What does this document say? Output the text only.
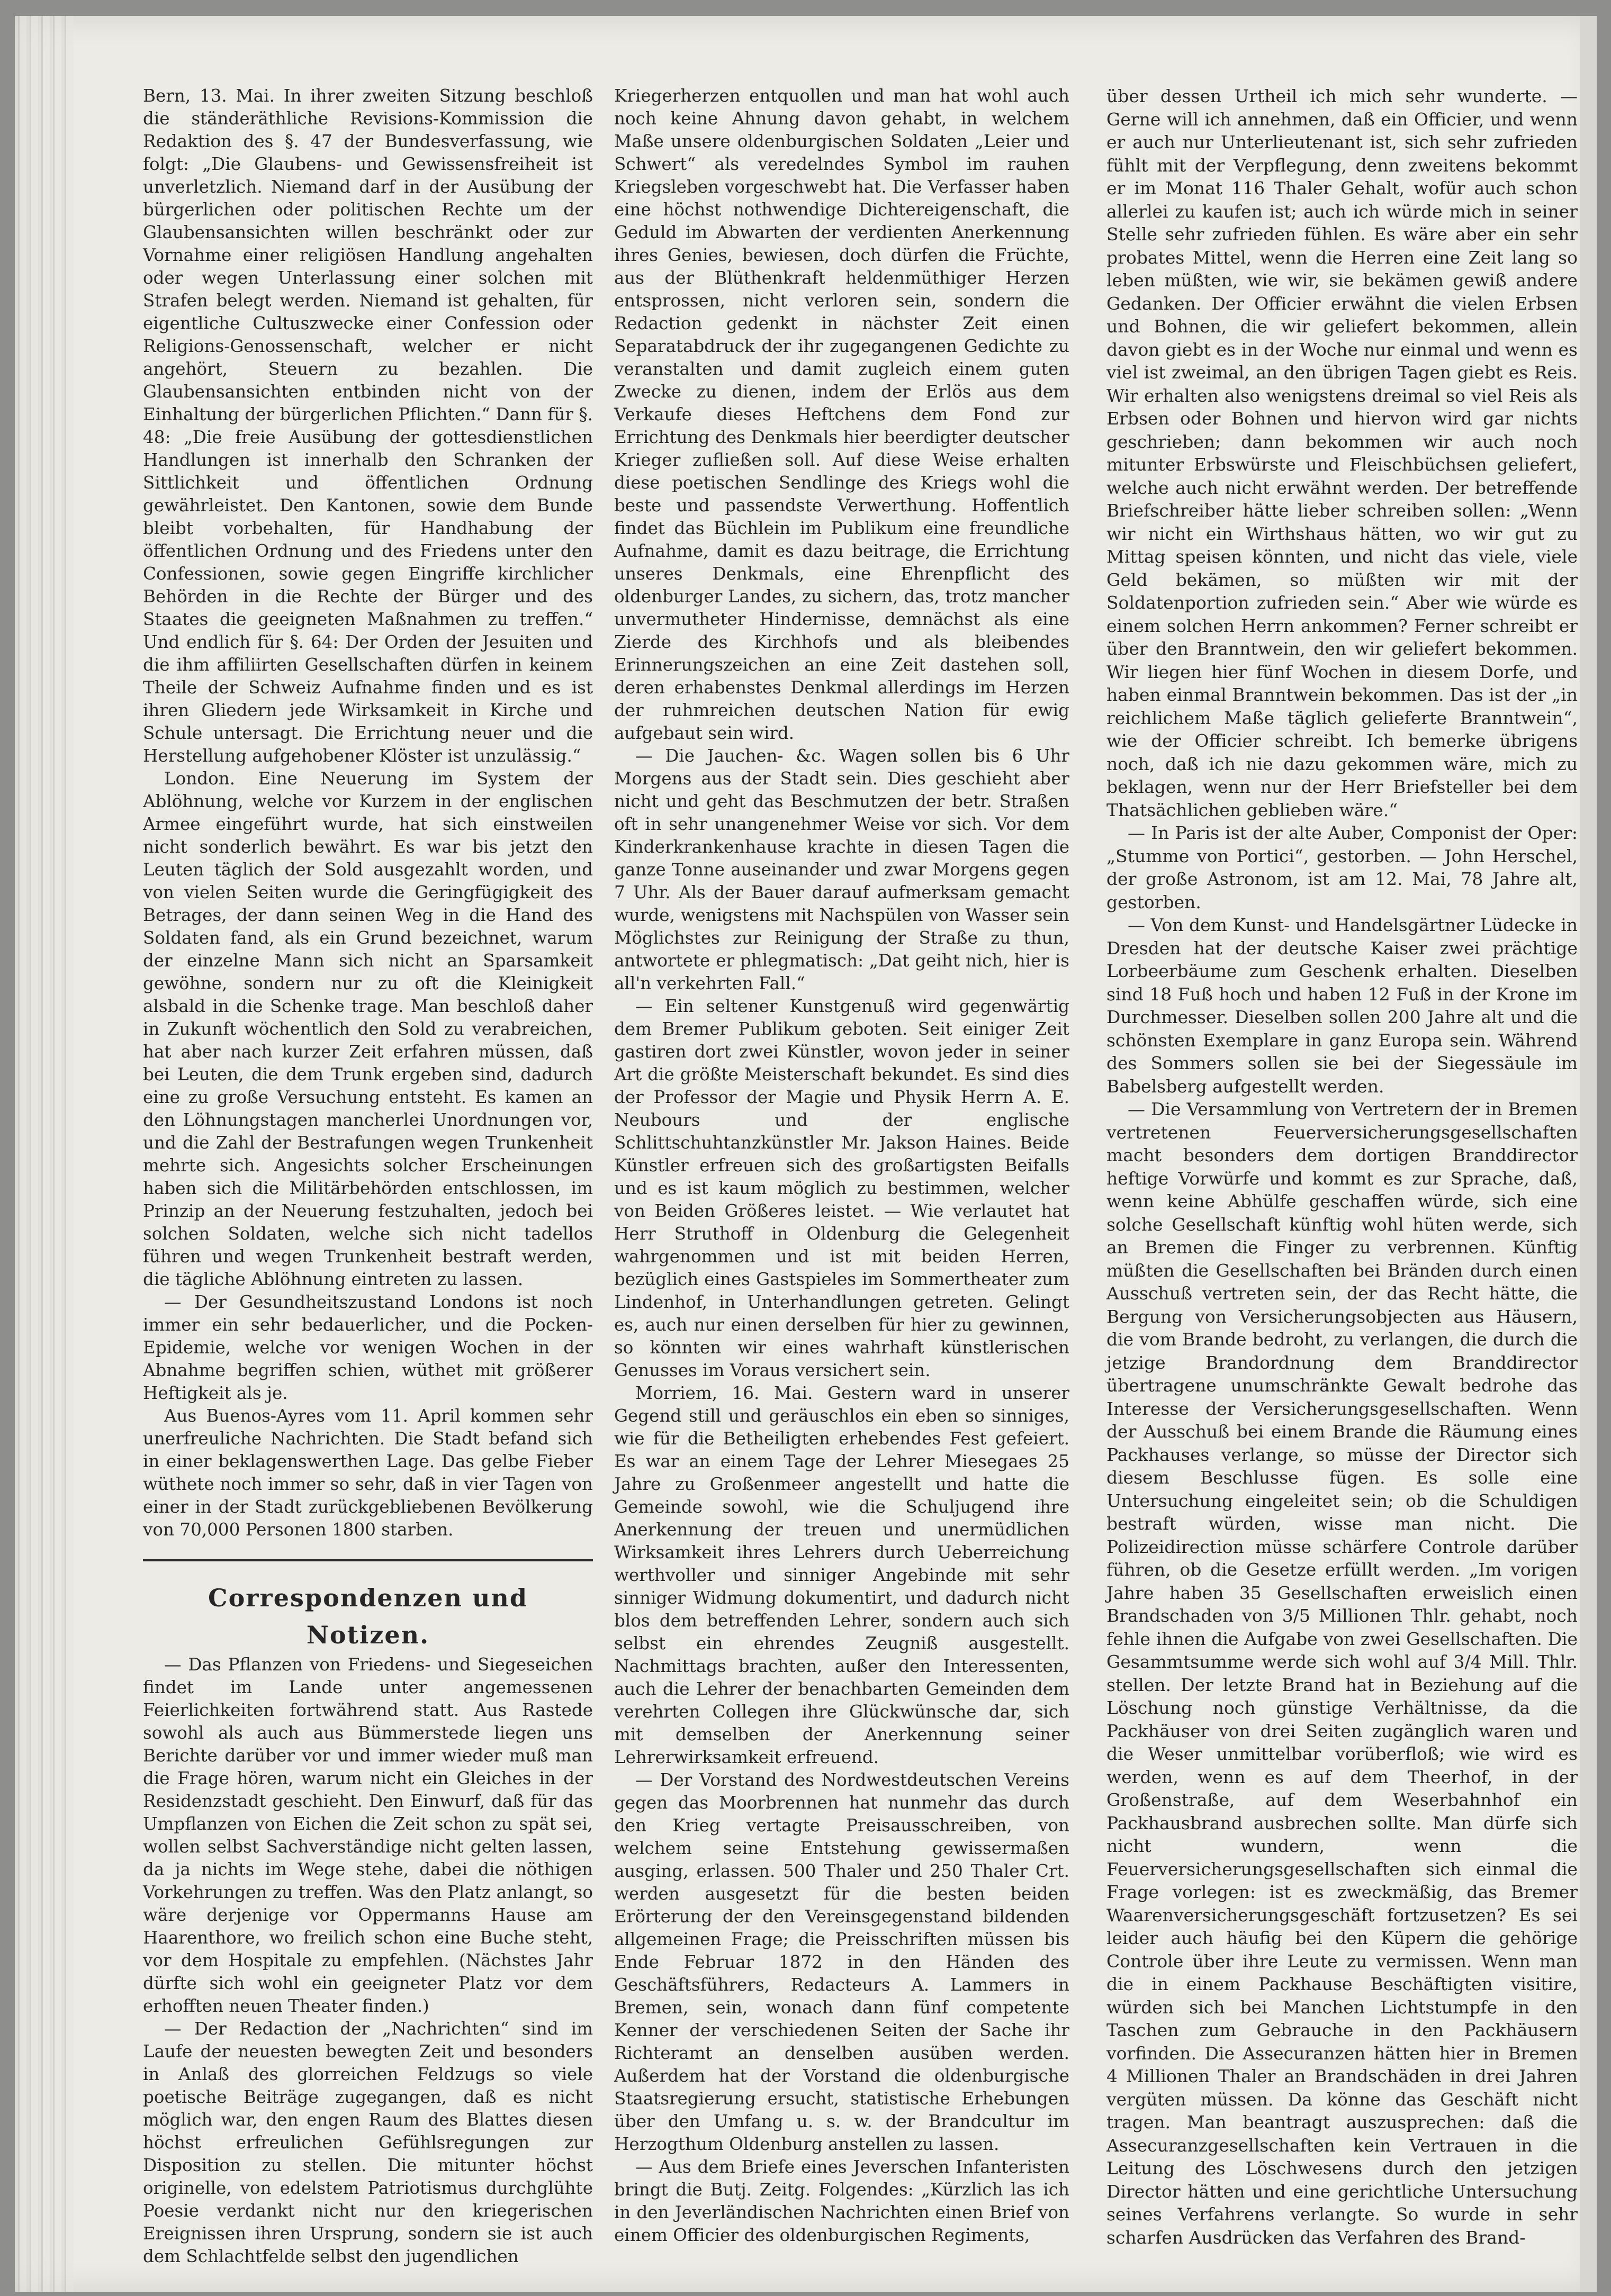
Bern, 13. Mai. In ihrer zweiten Sitzung beschloß die ständeräthliche Revisions-Kommission die Redaktion des §. 47 der Bundesverfassung, wie folgt: „Die Glaubens- und Gewissensfreiheit ist unverletzlich. Niemand darf in der Ausübung der bürgerlichen oder politischen Rechte um der Glaubensansichten willen beschränkt oder zur Vornahme einer religiösen Handlung angehalten oder wegen Unterlassung einer solchen mit Strafen belegt werden. Niemand ist gehalten, für eigentliche Cultuszwecke einer Confession oder Religions-Genossenschaft, welcher er nicht angehört, Steuern zu bezahlen. Die Glaubensansichten entbinden nicht von der Einhaltung der bürgerlichen Pflichten.“ Dann für §. 48: „Die freie Ausübung der gottesdienstlichen Handlungen ist innerhalb den Schranken der Sittlichkeit und öffentlichen Ordnung gewährleistet. Den Kantonen, sowie dem Bunde bleibt vorbehalten, für Handhabung der öffentlichen Ordnung und des Friedens unter den Confessionen, sowie gegen Eingriffe kirchlicher Behörden in die Rechte der Bürger und des Staates die geeigneten Maßnahmen zu treffen.“ Und endlich für §. 64: Der Orden der Jesuiten und die ihm affiliirten Gesellschaften dürfen in keinem Theile der Schweiz Aufnahme finden und es ist ihren Gliedern jede Wirksamkeit in Kirche und Schule untersagt. Die Errichtung neuer und die Herstellung aufgehobener Klöster ist unzulässig.“

London. Eine Neuerung im System der Ablöhnung, welche vor Kurzem in der englischen Armee eingeführt wurde, hat sich einstweilen nicht sonderlich bewährt. Es war bis jetzt den Leuten täglich der Sold ausgezahlt worden, und von vielen Seiten wurde die Geringfügigkeit des Betrages, der dann seinen Weg in die Hand des Soldaten fand, als ein Grund bezeichnet, warum der einzelne Mann sich nicht an Sparsamkeit gewöhne, sondern nur zu oft die Kleinigkeit alsbald in die Schenke trage. Man beschloß daher in Zukunft wöchentlich den Sold zu verabreichen, hat aber nach kurzer Zeit erfahren müssen, daß bei Leuten, die dem Trunk ergeben sind, dadurch eine zu große Versuchung entsteht. Es kamen an den Löhnungstagen mancherlei Unordnungen vor, und die Zahl der Bestrafungen wegen Trunkenheit mehrte sich. Angesichts solcher Erscheinungen haben sich die Militärbehörden entschlossen, im Prinzip an der Neuerung festzuhalten, jedoch bei solchen Soldaten, welche sich nicht tadellos führen und wegen Trunkenheit bestraft werden, die tägliche Ablöhnung eintreten zu lassen.

— Der Gesundheitszustand Londons ist noch immer ein sehr bedauerlicher, und die Pocken-Epidemie, welche vor wenigen Wochen in der Abnahme begriffen schien, wüthet mit größerer Heftigkeit als je.

Aus Buenos-Ayres vom 11. April kommen sehr unerfreuliche Nachrichten. Die Stadt befand sich in einer beklagenswerthen Lage. Das gelbe Fieber wüthete noch immer so sehr, daß in vier Tagen von einer in der Stadt zurückgebliebenen Bevölkerung von 70,000 Personen 1800 starben.

Correspondenzen und Notizen.

— Das Pflanzen von Friedens- und Siegeseichen findet im Lande unter angemessenen Feierlichkeiten fortwährend statt. Aus Rastede sowohl als auch aus Bümmerstede liegen uns Berichte darüber vor und immer wieder muß man die Frage hören, warum nicht ein Gleiches in der Residenzstadt geschieht. Den Einwurf, daß für das Umpflanzen von Eichen die Zeit schon zu spät sei, wollen selbst Sachverständige nicht gelten lassen, da ja nichts im Wege stehe, dabei die nöthigen Vorkehrungen zu treffen. Was den Platz anlangt, so wäre derjenige vor Oppermanns Hause am Haarenthore, wo freilich schon eine Buche steht, vor dem Hospitale zu empfehlen. (Nächstes Jahr dürfte sich wohl ein geeigneter Platz vor dem erhofften neuen Theater finden.)

— Der Redaction der „Nachrichten“ sind im Laufe der neuesten bewegten Zeit und besonders in Anlaß des glorreichen Feldzugs so viele poetische Beiträge zugegangen, daß es nicht möglich war, den engen Raum des Blattes diesen höchst erfreulichen Gefühlsregungen zur Disposition zu stellen. Die mitunter höchst originelle, von edelstem Patriotismus durchglühte Poesie verdankt nicht nur den kriegerischen Ereignissen ihren Ursprung, sondern sie ist auch dem Schlachtfelde selbst den jugendlichen

Kriegerherzen entquollen und man hat wohl auch noch keine Ahnung davon gehabt, in welchem Maße unsere oldenburgischen Soldaten „Leier und Schwert“ als veredelndes Symbol im rauhen Kriegsleben vorgeschwebt hat. Die Verfasser haben eine höchst nothwendige Dichtereigenschaft, die Geduld im Abwarten der verdienten Anerkennung ihres Genies, bewiesen, doch dürfen die Früchte, aus der Blüthenkraft heldenmüthiger Herzen entsprossen, nicht verloren sein, sondern die Redaction gedenkt in nächster Zeit einen Separatabdruck der ihr zugegangenen Gedichte zu veranstalten und damit zugleich einem guten Zwecke zu dienen, indem der Erlös aus dem Verkaufe dieses Heftchens dem Fond zur Errichtung des Denkmals hier beerdigter deutscher Krieger zufließen soll. Auf diese Weise erhalten diese poetischen Sendlinge des Kriegs wohl die beste und passendste Verwerthung. Hoffentlich findet das Büchlein im Publikum eine freundliche Aufnahme, damit es dazu beitrage, die Errichtung unseres Denkmals, eine Ehrenpflicht des oldenburger Landes, zu sichern, das, trotz mancher unvermutheter Hindernisse, demnächst als eine Zierde des Kirchhofs und als bleibendes Erinnerungszeichen an eine Zeit dastehen soll, deren erhabenstes Denkmal allerdings im Herzen der ruhmreichen deutschen Nation für ewig aufgebaut sein wird.

— Die Jauchen- &c. Wagen sollen bis 6 Uhr Morgens aus der Stadt sein. Dies geschieht aber nicht und geht das Beschmutzen der betr. Straßen oft in sehr unangenehmer Weise vor sich. Vor dem Kinderkrankenhause krachte in diesen Tagen die ganze Tonne auseinander und zwar Morgens gegen 7 Uhr. Als der Bauer darauf aufmerksam gemacht wurde, wenigstens mit Nachspülen von Wasser sein Möglichstes zur Reinigung der Straße zu thun, antwortete er phlegmatisch: „Dat geiht nich, hier is all'n verkehrten Fall.“

— Ein seltener Kunstgenuß wird gegenwärtig dem Bremer Publikum geboten. Seit einiger Zeit gastiren dort zwei Künstler, wovon jeder in seiner Art die größte Meisterschaft bekundet. Es sind dies der Professor der Magie und Physik Herrn A. E. Neubours und der englische Schlittschuhtanzkünstler Mr. Jakson Haines. Beide Künstler erfreuen sich des großartigsten Beifalls und es ist kaum möglich zu bestimmen, welcher von Beiden Größeres leistet. — Wie verlautet hat Herr Struthoff in Oldenburg die Gelegenheit wahrgenommen und ist mit beiden Herren, bezüglich eines Gastspieles im Sommertheater zum Lindenhof, in Unterhandlungen getreten. Gelingt es, auch nur einen derselben für hier zu gewinnen, so könnten wir eines wahrhaft künstlerischen Genusses im Voraus versichert sein.

Morriem, 16. Mai. Gestern ward in unserer Gegend still und geräuschlos ein eben so sinniges, wie für die Betheiligten erhebendes Fest gefeiert. Es war an einem Tage der Lehrer Miesegaes 25 Jahre zu Großenmeer angestellt und hatte die Gemeinde sowohl, wie die Schuljugend ihre Anerkennung der treuen und unermüdlichen Wirksamkeit ihres Lehrers durch Ueberreichung werthvoller und sinniger Angebinde mit sehr sinniger Widmung dokumentirt, und dadurch nicht blos dem betreffenden Lehrer, sondern auch sich selbst ein ehrendes Zeugniß ausgestellt. Nachmittags brachten, außer den Interessenten, auch die Lehrer der benachbarten Gemeinden dem verehrten Collegen ihre Glückwünsche dar, sich mit demselben der Anerkennung seiner Lehrerwirksamkeit erfreuend.

— Der Vorstand des Nordwestdeutschen Vereins gegen das Moorbrennen hat nunmehr das durch den Krieg vertagte Preisausschreiben, von welchem seine Entstehung gewissermaßen ausging, erlassen. 500 Thaler und 250 Thaler Crt. werden ausgesetzt für die besten beiden Erörterung der den Vereinsgegenstand bildenden allgemeinen Frage; die Preisschriften müssen bis Ende Februar 1872 in den Händen des Geschäftsführers, Redacteurs A. Lammers in Bremen, sein, wonach dann fünf competente Kenner der verschiedenen Seiten der Sache ihr Richteramt an denselben ausüben werden. Außerdem hat der Vorstand die oldenburgische Staatsregierung ersucht, statistische Erhebungen über den Umfang u. s. w. der Brandcultur im Herzogthum Oldenburg anstellen zu lassen.

— Aus dem Briefe eines Jeverschen Infanteristen bringt die Butj. Zeitg. Folgendes: „Kürzlich las ich in den Jeverländischen Nachrichten einen Brief von einem Officier des oldenburgischen Regiments,

über dessen Urtheil ich mich sehr wunderte. — Gerne will ich annehmen, daß ein Officier, und wenn er auch nur Unterlieutenant ist, sich sehr zufrieden fühlt mit der Verpflegung, denn zweitens bekommt er im Monat 116 Thaler Gehalt, wofür auch schon allerlei zu kaufen ist; auch ich würde mich in seiner Stelle sehr zufrieden fühlen. Es wäre aber ein sehr probates Mittel, wenn die Herren eine Zeit lang so leben müßten, wie wir, sie bekämen gewiß andere Gedanken. Der Officier erwähnt die vielen Erbsen und Bohnen, die wir geliefert bekommen, allein davon giebt es in der Woche nur einmal und wenn es viel ist zweimal, an den übrigen Tagen giebt es Reis. Wir erhalten also wenigstens dreimal so viel Reis als Erbsen oder Bohnen und hiervon wird gar nichts geschrieben; dann bekommen wir auch noch mitunter Erbswürste und Fleischbüchsen geliefert, welche auch nicht erwähnt werden. Der betreffende Briefschreiber hätte lieber schreiben sollen: „Wenn wir nicht ein Wirthshaus hätten, wo wir gut zu Mittag speisen könnten, und nicht das viele, viele Geld bekämen, so müßten wir mit der Soldatenportion zufrieden sein.“ Aber wie würde es einem solchen Herrn ankommen? Ferner schreibt er über den Branntwein, den wir geliefert bekommen. Wir liegen hier fünf Wochen in diesem Dorfe, und haben einmal Branntwein bekommen. Das ist der „in reichlichem Maße täglich gelieferte Branntwein“, wie der Officier schreibt. Ich bemerke übrigens noch, daß ich nie dazu gekommen wäre, mich zu beklagen, wenn nur der Herr Briefsteller bei dem Thatsächlichen geblieben wäre.“

— In Paris ist der alte Auber, Componist der Oper: „Stumme von Portici“, gestorben. — John Herschel, der große Astronom, ist am 12. Mai, 78 Jahre alt, gestorben.

— Von dem Kunst- und Handelsgärtner Lüdecke in Dresden hat der deutsche Kaiser zwei prächtige Lorbeerbäume zum Geschenk erhalten. Dieselben sind 18 Fuß hoch und haben 12 Fuß in der Krone im Durchmesser. Dieselben sollen 200 Jahre alt und die schönsten Exemplare in ganz Europa sein. Während des Sommers sollen sie bei der Siegessäule im Babelsberg aufgestellt werden.

— Die Versammlung von Vertretern der in Bremen vertretenen Feuerversicherungsgesellschaften macht besonders dem dortigen Branddirector heftige Vorwürfe und kommt es zur Sprache, daß, wenn keine Abhülfe geschaffen würde, sich eine solche Gesellschaft künftig wohl hüten werde, sich an Bremen die Finger zu verbrennen. Künftig müßten die Gesellschaften bei Bränden durch einen Ausschuß vertreten sein, der das Recht hätte, die Bergung von Versicherungsobjecten aus Häusern, die vom Brande bedroht, zu verlangen, die durch die jetzige Brandordnung dem Branddirector übertragene unumschränkte Gewalt bedrohe das Interesse der Versicherungsgesellschaften. Wenn der Ausschuß bei einem Brande die Räumung eines Packhauses verlange, so müsse der Director sich diesem Beschlusse fügen. Es solle eine Untersuchung eingeleitet sein; ob die Schuldigen bestraft würden, wisse man nicht. Die Polizeidirection müsse schärfere Controle darüber führen, ob die Gesetze erfüllt werden. „Im vorigen Jahre haben 35 Gesellschaften erweislich einen Brandschaden von 3/5 Millionen Thlr. gehabt, noch fehle ihnen die Aufgabe von zwei Gesellschaften. Die Gesammtsumme werde sich wohl auf 3/4 Mill. Thlr. stellen. Der letzte Brand hat in Beziehung auf die Löschung noch günstige Verhältnisse, da die Packhäuser von drei Seiten zugänglich waren und die Weser unmittelbar vorüberfloß; wie wird es werden, wenn es auf dem Theerhof, in der Großenstraße, auf dem Weserbahnhof ein Packhausbrand ausbrechen sollte. Man dürfe sich nicht wundern, wenn die Feuerversicherungsgesellschaften sich einmal die Frage vorlegen: ist es zweckmäßig, das Bremer Waarenversicherungsgeschäft fortzusetzen? Es sei leider auch häufig bei den Küpern die gehörige Controle über ihre Leute zu vermissen. Wenn man die in einem Packhause Beschäftigten visitire, würden sich bei Manchen Lichtstumpfe in den Taschen zum Gebrauche in den Packhäusern vorfinden. Die Assecuranzen hätten hier in Bremen 4 Millionen Thaler an Brandschäden in drei Jahren vergüten müssen. Da könne das Geschäft nicht tragen. Man beantragt auszusprechen: daß die Assecuranzgesellschaften kein Vertrauen in die Leitung des Löschwesens durch den jetzigen Director hätten und eine gerichtliche Untersuchung seines Verfahrens verlangte. So wurde in sehr scharfen Ausdrücken das Verfahren des Brand-
